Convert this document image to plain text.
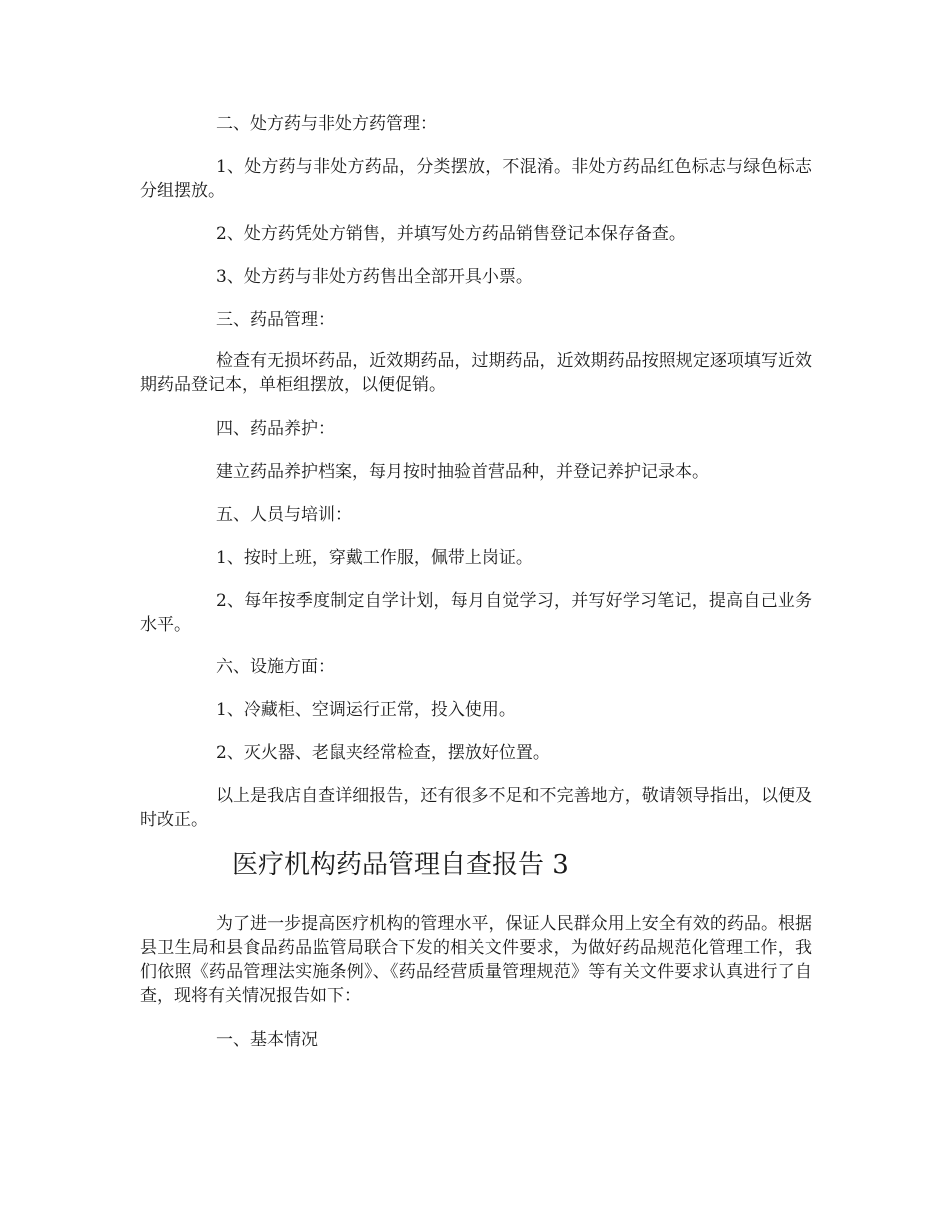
二、处方药与非处方药管理：

1、处方药与非处方药品，分类摆放，不混淆。非处方药品红色标志与绿色标志分组摆放。

2、处方药凭处方销售，并填写处方药品销售登记本保存备查。

3、处方药与非处方药售出全部开具小票。

三、药品管理：

检查有无损坏药品，近效期药品，过期药品，近效期药品按照规定逐项填写近效期药品登记本，单柜组摆放，以便促销。

四、药品养护：

建立药品养护档案，每月按时抽验首营品种，并登记养护记录本。

五、人员与培训：

1、按时上班，穿戴工作服，佩带上岗证。

2、每年按季度制定自学计划，每月自觉学习，并写好学习笔记，提高自己业务水平。

六、设施方面：

1、冷藏柜、空调运行正常，投入使用。

2、灭火器、老鼠夹经常检查，摆放好位置。

以上是我店自查详细报告，还有很多不足和不完善地方，敬请领导指出，以便及时改正。

医疗机构药品管理自查报告 3

为了进一步提高医疗机构的管理水平，保证人民群众用上安全有效的药品。根据县卫生局和县食品药品监管局联合下发的相关文件要求，为做好药品规范化管理工作，我们依照《药品管理法实施条例》、《药品经营质量管理规范》等有关文件要求认真进行了自查，现将有关情况报告如下：

一、基本情况
